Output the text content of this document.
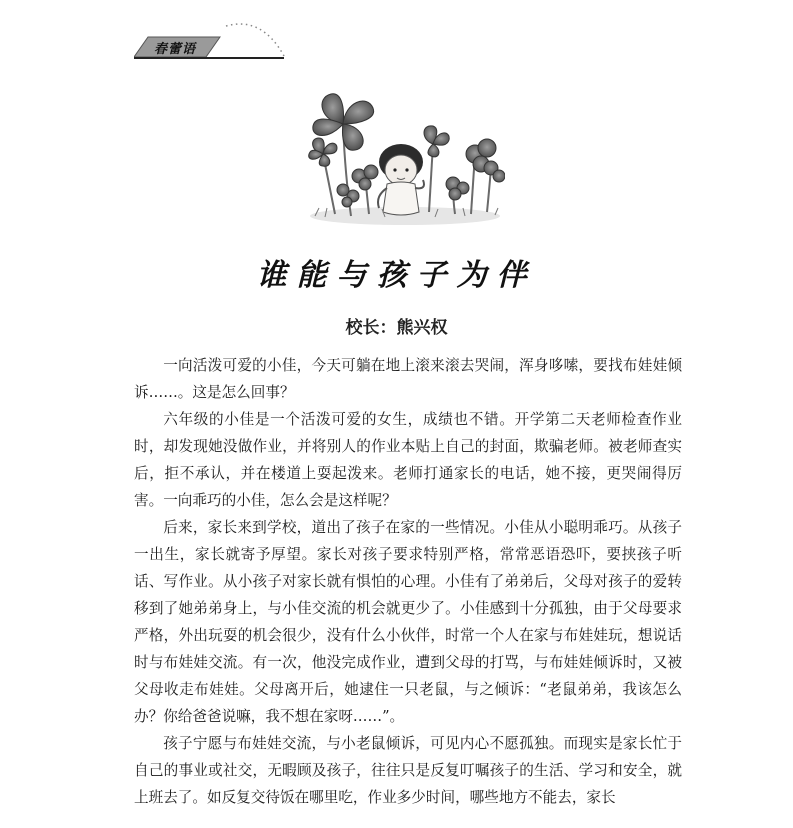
春蕾语
谁能与孩子为伴
校长：熊兴权

一向活泼可爱的小佳，今天可躺在地上滚来滚去哭闹，浑身哆嗦，要找布娃娃倾诉……。这是怎么回事？

六年级的小佳是一个活泼可爱的女生，成绩也不错。开学第二天老师检查作业时，却发现她没做作业，并将别人的作业本贴上自己的封面，欺骗老师。被老师查实后，拒不承认，并在楼道上耍起泼来。老师打通家长的电话，她不接，更哭闹得厉害。一向乖巧的小佳，怎么会是这样呢？

后来，家长来到学校，道出了孩子在家的一些情况。小佳从小聪明乖巧。从孩子一出生，家长就寄予厚望。家长对孩子要求特别严格，常常恶语恐吓，要挟孩子听话、写作业。从小孩子对家长就有惧怕的心理。小佳有了弟弟后，父母对孩子的爱转移到了她弟弟身上，与小佳交流的机会就更少了。小佳感到十分孤独，由于父母要求严格，外出玩耍的机会很少，没有什么小伙伴，时常一个人在家与布娃娃玩，想说话时与布娃娃交流。有一次，他没完成作业，遭到父母的打骂，与布娃娃倾诉时，又被父母收走布娃娃。父母离开后，她逮住一只老鼠，与之倾诉：“老鼠弟弟，我该怎么办？你给爸爸说嘛，我不想在家呀……”。

孩子宁愿与布娃娃交流，与小老鼠倾诉，可见内心不愿孤独。而现实是家长忙于自己的事业或社交，无暇顾及孩子，往往只是反复叮嘱孩子的生活、学习和安全，就上班去了。如反复交待饭在哪里吃，作业多少时间，哪些地方不能去，家长
